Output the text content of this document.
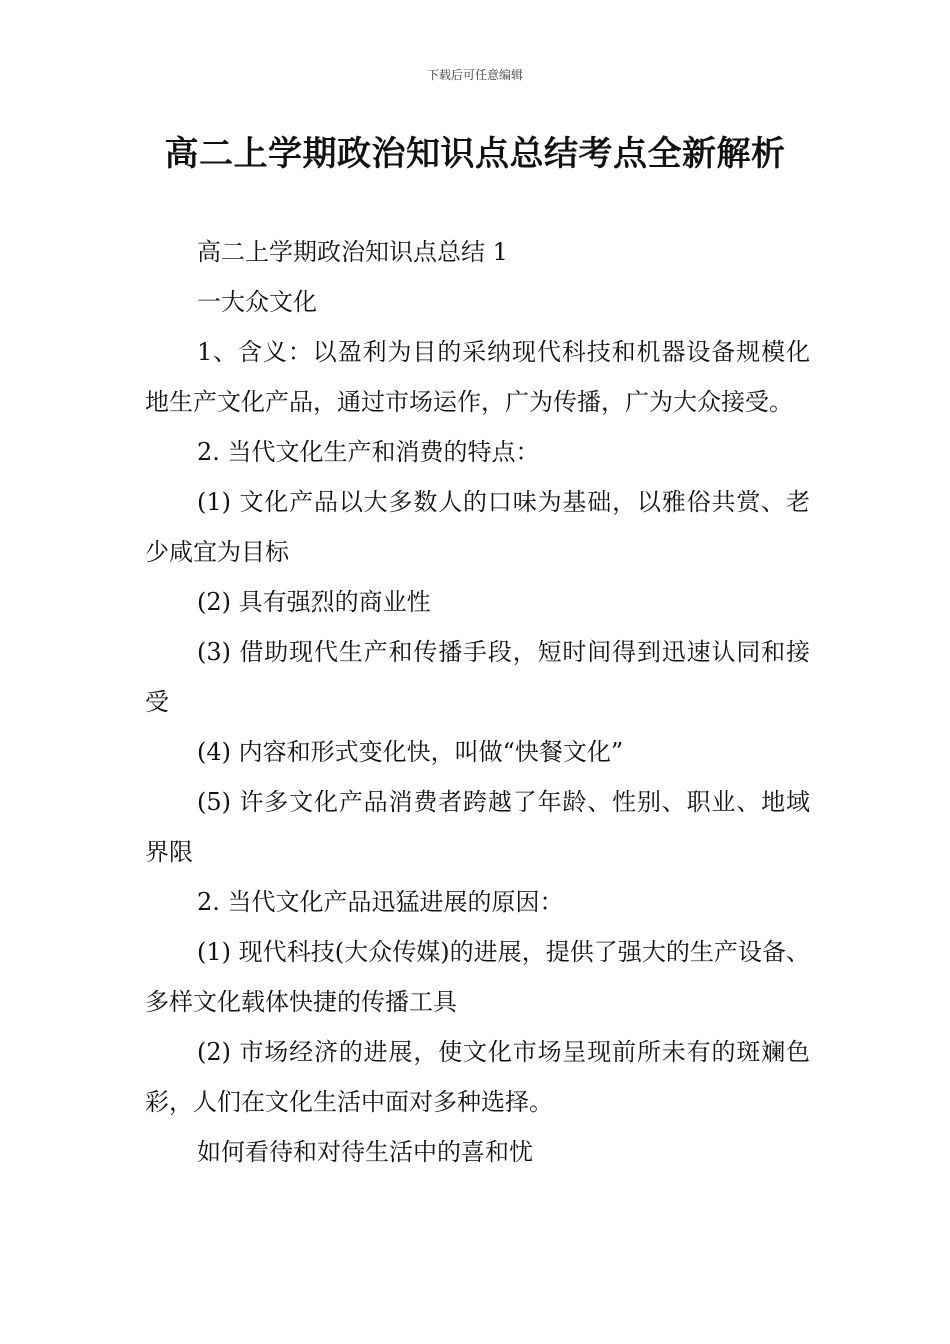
下载后可任意编辑
高二上学期政治知识点总结考点全新解析

高二上学期政治知识点总结 1

一大众文化

1、含义：以盈利为目的采纳现代科技和机器设备规模化地生产文化产品，通过市场运作，广为传播，广为大众接受。

2. 当代文化生产和消费的特点：

(1) 文化产品以大多数人的口味为基础，以雅俗共赏、老少咸宜为目标

(2) 具有强烈的商业性

(3) 借助现代生产和传播手段，短时间得到迅速认同和接受

(4) 内容和形式变化快，叫做“快餐文化”

(5) 许多文化产品消费者跨越了年龄、性别、职业、地域界限

2. 当代文化产品迅猛进展的原因：

(1) 现代科技(大众传媒)的进展，提供了强大的生产设备、多样文化载体快捷的传播工具

(2) 市场经济的进展，使文化市场呈现前所未有的斑斓色彩，人们在文化生活中面对多种选择。

如何看待和对待生活中的喜和忧
